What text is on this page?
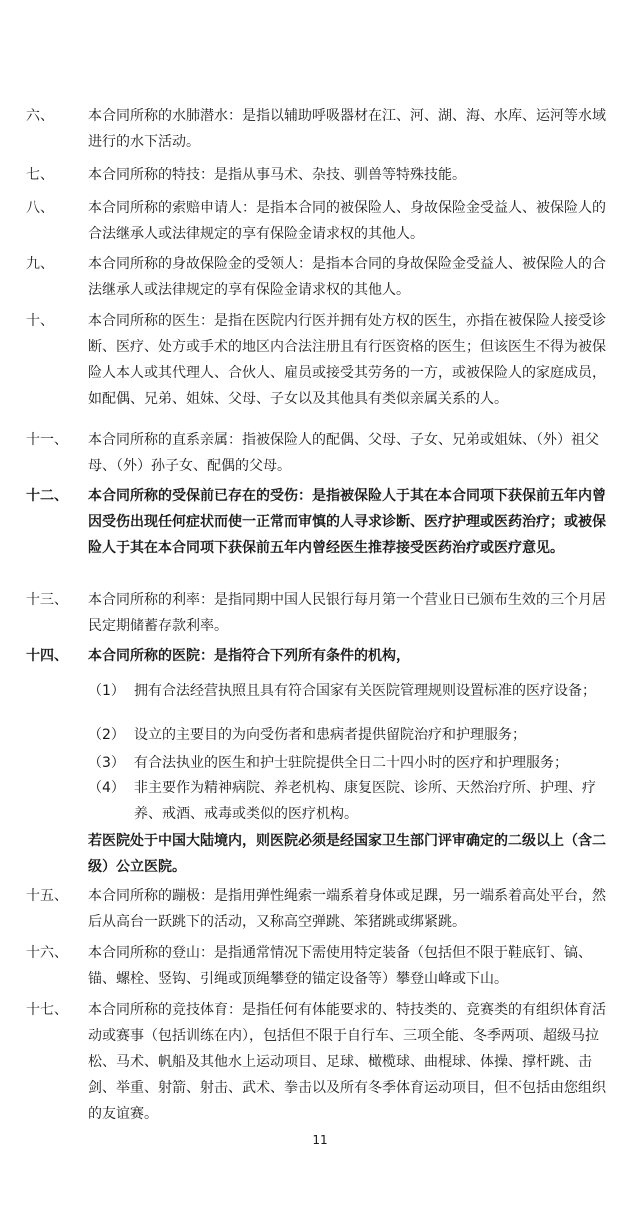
六、	本合同所称的水肺潜水：是指以辅助呼吸器材在江、河、湖、海、水库、运河等水域进行的水下活动。
七、	本合同所称的特技：是指从事马术、杂技、驯兽等特殊技能。
八、	本合同所称的索赔申请人：是指本合同的被保险人、身故保险金受益人、被保险人的合法继承人或法律规定的享有保险金请求权的其他人。
九、	本合同所称的身故保险金的受领人：是指本合同的身故保险金受益人、被保险人的合法继承人或法律规定的享有保险金请求权的其他人。
十、	本合同所称的医生：是指在医院内行医并拥有处方权的医生，亦指在被保险人接受诊断、医疗、处方或手术的地区内合法注册且有行医资格的医生；但该医生不得为被保险人本人或其代理人、合伙人、雇员或接受其劳务的一方，或被保险人的家庭成员，如配偶、兄弟、姐妹、父母、子女以及其他具有类似亲属关系的人。
十一、	本合同所称的直系亲属：指被保险人的配偶、父母、子女、兄弟或姐妹、（外）祖父母、（外）孙子女、配偶的父母。
十二、	本合同所称的受保前已存在的受伤：是指被保险人于其在本合同项下获保前五年内曾因受伤出现任何症状而使一正常而审慎的人寻求诊断、医疗护理或医药治疗；或被保险人于其在本合同项下获保前五年内曾经医生推荐接受医药治疗或医疗意见。
十三、	本合同所称的利率：是指同期中国人民银行每月第一个营业日已颁布生效的三个月居民定期储蓄存款利率。
十四、	本合同所称的医院：是指符合下列所有条件的机构，
（1） 拥有合法经营执照且具有符合国家有关医院管理规则设置标准的医疗设备；
（2） 设立的主要目的为向受伤者和患病者提供留院治疗和护理服务；
（3） 有合法执业的医生和护士驻院提供全日二十四小时的医疗和护理服务；
（4） 非主要作为精神病院、养老机构、康复医院、诊所、天然治疗所、护理、疗养、戒酒、戒毒或类似的医疗机构。
若医院处于中国大陆境内，则医院必须是经国家卫生部门评审确定的二级以上（含二级）公立医院。
十五、	本合同所称的蹦极：是指用弹性绳索一端系着身体或足踝，另一端系着高处平台，然后从高台一跃跳下的活动，又称高空弹跳、笨猪跳或绑紧跳。
十六、	本合同所称的登山：是指通常情况下需使用特定装备（包括但不限于鞋底钉、镐、锚、螺栓、竖钩、引绳或顶绳攀登的锚定设备等）攀登山峰或下山。
十七、	本合同所称的竞技体育：是指任何有体能要求的、特技类的、竞赛类的有组织体育活动或赛事（包括训练在内），包括但不限于自行车、三项全能、冬季两项、超级马拉松、马术、帆船及其他水上运动项目、足球、橄榄球、曲棍球、体操、撑杆跳、击剑、举重、射箭、射击、武术、拳击以及所有冬季体育运动项目，但不包括由您组织的友谊赛。
11
